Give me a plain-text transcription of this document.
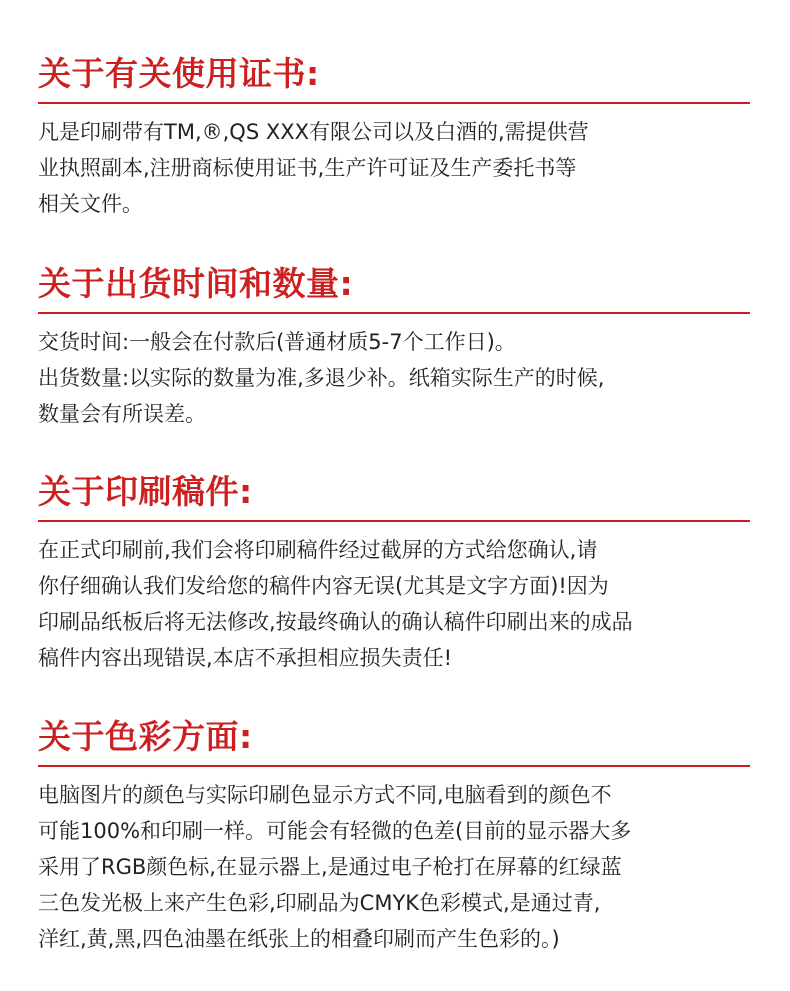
关于有关使用证书:

凡是印刷带有TM,®,QS XXX有限公司以及白酒的,需提供营
业执照副本,注册商标使用证书,生产许可证及生产委托书等
相关文件。

关于出货时间和数量:

交货时间:一般会在付款后(普通材质5-7个工作日)。
出货数量:以实际的数量为准,多退少补。纸箱实际生产的时候,
数量会有所误差。

关于印刷稿件:

在正式印刷前,我们会将印刷稿件经过截屏的方式给您确认,请
你仔细确认我们发给您的稿件内容无误(尤其是文字方面)!因为
印刷品纸板后将无法修改,按最终确认的确认稿件印刷出来的成品
稿件内容出现错误,本店不承担相应损失责任!

关于色彩方面:

电脑图片的颜色与实际印刷色显示方式不同,电脑看到的颜色不
可能100%和印刷一样。可能会有轻微的色差(目前的显示器大多
采用了RGB颜色标,在显示器上,是通过电子枪打在屏幕的红绿蓝
三色发光极上来产生色彩,印刷品为CMYK色彩模式,是通过青,
洋红,黄,黑,四色油墨在纸张上的相叠印刷而产生色彩的。)
